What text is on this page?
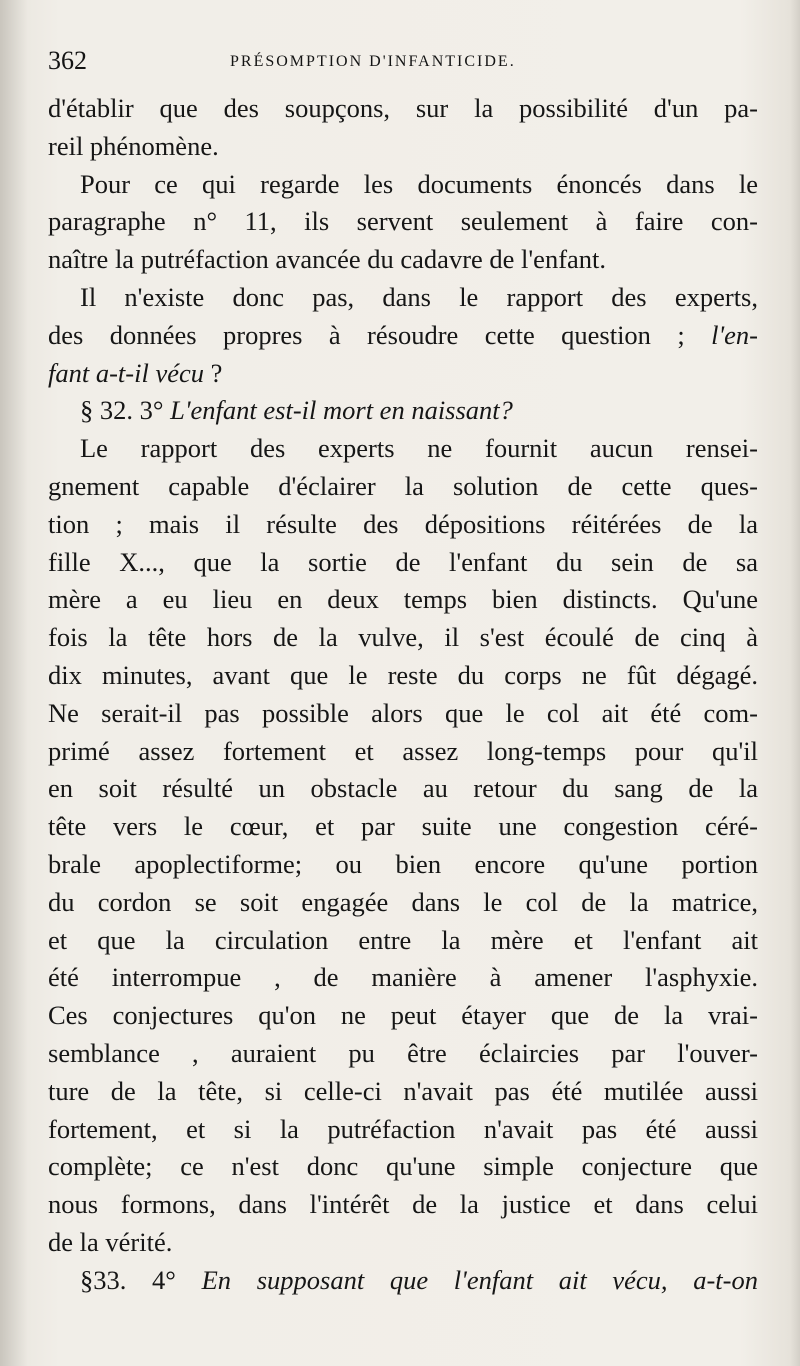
362	PRÉSOMPTION D'INFANTICIDE.
d'établir que des soupçons, sur la possibilité d'un pa-
reil phénomène.
Pour ce qui regarde les documents énoncés dans le
paragraphe n° 11, ils servent seulement à faire con-
naître la putréfaction avancée du cadavre de l'enfant.
Il n'existe donc pas, dans le rapport des experts,
des données propres à résoudre cette question ; l'en-
fant a-t-il vécu ?
§ 32. 3° L'enfant est-il mort en naissant?
Le rapport des experts ne fournit aucun rensei-
gnement capable d'éclairer la solution de cette ques-
tion ; mais il résulte des dépositions réitérées de la
fille X..., que la sortie de l'enfant du sein de sa
mère a eu lieu en deux temps bien distincts. Qu'une
fois la tête hors de la vulve, il s'est écoulé de cinq à
dix minutes, avant que le reste du corps ne fût dégagé.
Ne serait-il pas possible alors que le col ait été com-
primé assez fortement et assez long-temps pour qu'il
en soit résulté un obstacle au retour du sang de la
tête vers le cœur, et par suite une congestion céré-
brale apoplectiforme; ou bien encore qu'une portion
du cordon se soit engagée dans le col de la matrice,
et que la circulation entre la mère et l'enfant ait
été interrompue , de manière à amener l'asphyxie.
Ces conjectures qu'on ne peut étayer que de la vrai-
semblance , auraient pu être éclaircies par l'ouver-
ture de la tête, si celle-ci n'avait pas été mutilée aussi
fortement, et si la putréfaction n'avait pas été aussi
complète; ce n'est donc qu'une simple conjecture que
nous formons, dans l'intérêt de la justice et dans celui
de la vérité.
§33. 4° En supposant que l'enfant ait vécu, a-t-on
